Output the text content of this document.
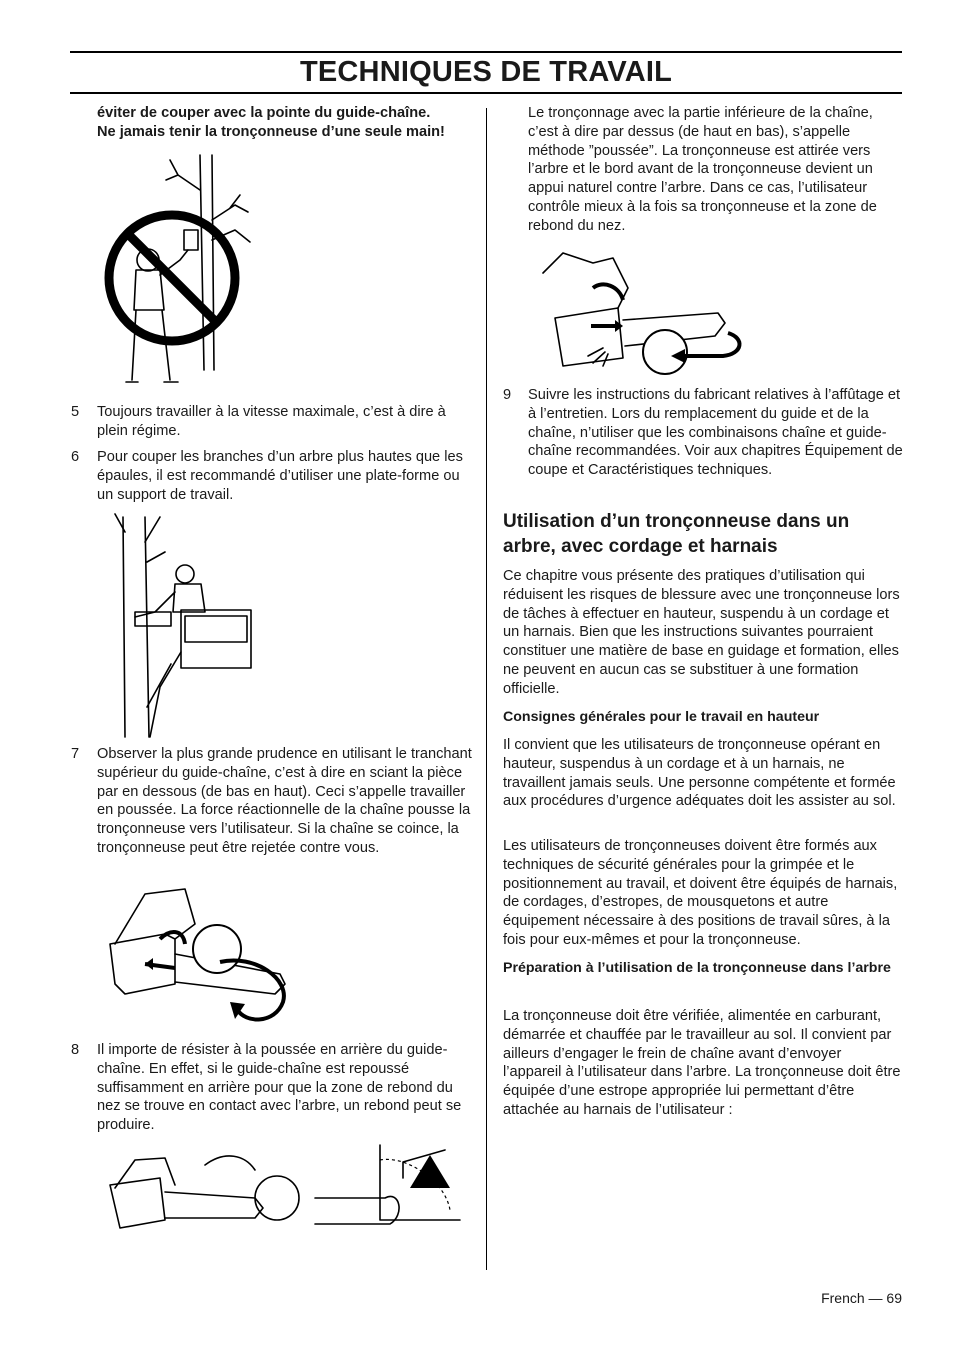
TECHNIQUES DE TRAVAIL

éviter de couper avec la pointe du guide-chaîne.

Ne jamais tenir la tronçonneuse d’une seule main!

5 Toujours travailler à la vitesse maximale, c’est à dire à plein régime.

6 Pour couper les branches d’un arbre plus hautes que les épaules, il est recommandé d’utiliser une plate-forme ou un support de travail.

7 Observer la plus grande prudence en utilisant le tranchant supérieur du guide-chaîne, c’est à dire en sciant la pièce par en dessous (de bas en haut). Ceci s’appelle travailler en poussée. La force réactionnelle de la chaîne pousse la tronçonneuse vers l’utilisateur. Si la chaîne se coince, la tronçonneuse peut être rejetée contre vous.

8 Il importe de résister à la poussée en arrière du guide-chaîne. En effet, si le guide-chaîne est repoussé suffisamment en arrière pour que la zone de rebond du nez se trouve en contact avec l’arbre, un rebond peut se produire.

Le tronçonnage avec la partie inférieure de la chaîne, c’est à dire par dessus (de haut en bas), s’appelle méthode ”poussée”. La tronçonneuse est attirée vers l’arbre et le bord avant de la tronçonneuse devient un appui naturel contre l’arbre. Dans ce cas, l’utilisateur contrôle mieux à la fois sa tronçonneuse et la zone de rebond du nez.

9 Suivre les instructions du fabricant relatives à l’affûtage et à l’entretien. Lors du remplacement du guide et de la chaîne, n’utiliser que les combinaisons chaîne et guide-chaîne recommandées. Voir aux chapitres Équipement de coupe et Caractéristiques techniques.

Utilisation d’un tronçonneuse dans un arbre, avec cordage et harnais

Ce chapitre vous présente des pratiques d’utilisation qui réduisent les risques de blessure avec une tronçonneuse lors de tâches à effectuer en hauteur, suspendu à un cordage et un harnais. Bien que les instructions suivantes pourraient constituer une matière de base en guidage et formation, elles ne peuvent en aucun cas se substituer à une formation officielle.

Consignes générales pour le travail en hauteur

Il convient que les utilisateurs de tronçonneuse opérant en hauteur, suspendus à un cordage et à un harnais, ne travaillent jamais seuls. Une personne compétente et formée aux procédures d’urgence adéquates doit les assister au sol.

Les utilisateurs de tronçonneuses doivent être formés aux techniques de sécurité générales pour la grimpée et le positionnement au travail, et doivent être équipés de harnais, de cordages, d’estropes, de mousquetons et autre équipement nécessaire à des positions de travail sûres, à la fois pour eux-mêmes et pour la tronçonneuse.

Préparation à l’utilisation de la tronçonneuse dans l’arbre

La tronçonneuse doit être vérifiée, alimentée en carburant, démarrée et chauffée par le travailleur au sol. Il convient par ailleurs d’engager le frein de chaîne avant d’envoyer l’appareil à l’utilisateur dans l’arbre. La tronçonneuse doit être équipée d’une estrope appropriée lui permettant d’être attachée au harnais de l’utilisateur :

French — 69
